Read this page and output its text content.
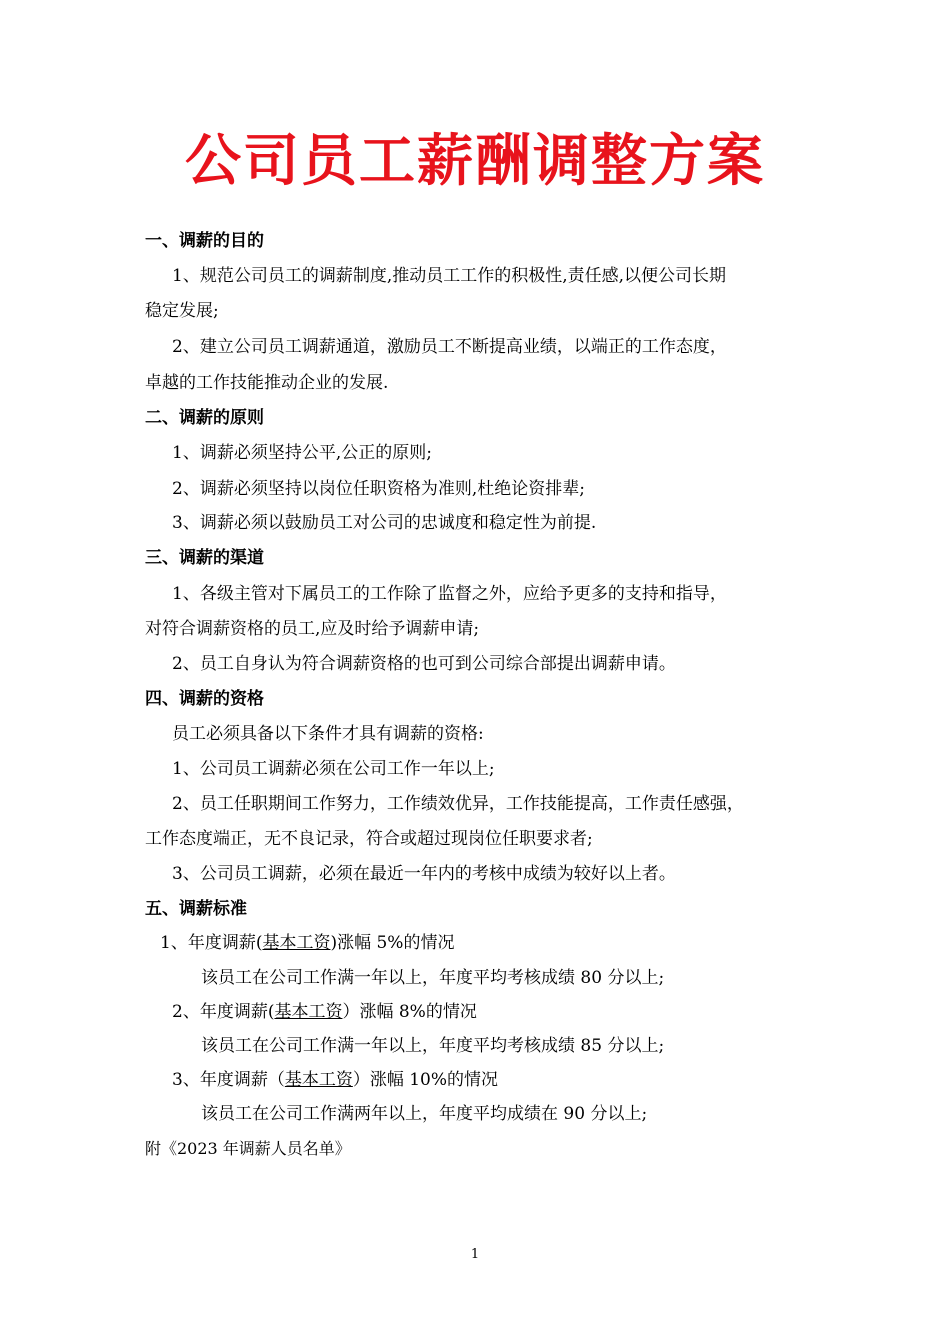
公司员工薪酬调整方案
一、调薪的目的
1、规范公司员工的调薪制度,推动员工工作的积极性,责任感,以便公司长期
稳定发展;
2、建立公司员工调薪通道，激励员工不断提高业绩，以端正的工作态度，
卓越的工作技能推动企业的发展.
二、调薪的原则
1、调薪必须坚持公平,公正的原则;
2、调薪必须坚持以岗位任职资格为准则,杜绝论资排辈;
3、调薪必须以鼓励员工对公司的忠诚度和稳定性为前提.
三、调薪的渠道
1、各级主管对下属员工的工作除了监督之外，应给予更多的支持和指导，
对符合调薪资格的员工,应及时给予调薪申请;
2、员工自身认为符合调薪资格的也可到公司综合部提出调薪申请。
四、调薪的资格
员工必须具备以下条件才具有调薪的资格:
1、公司员工调薪必须在公司工作一年以上;
2、员工任职期间工作努力，工作绩效优异，工作技能提高，工作责任感强，
工作态度端正，无不良记录，符合或超过现岗位任职要求者;
3、公司员工调薪，必须在最近一年内的考核中成绩为较好以上者。
五、调薪标准
1、年度调薪(基本工资)涨幅 5%的情况
该员工在公司工作满一年以上，年度平均考核成绩 80 分以上;
2、年度调薪(基本工资）涨幅 8%的情况
该员工在公司工作满一年以上，年度平均考核成绩 85 分以上;
3、年度调薪（基本工资）涨幅 10%的情况
该员工在公司工作满两年以上，年度平均成绩在 90 分以上;
附《2023 年调薪人员名单》
1
